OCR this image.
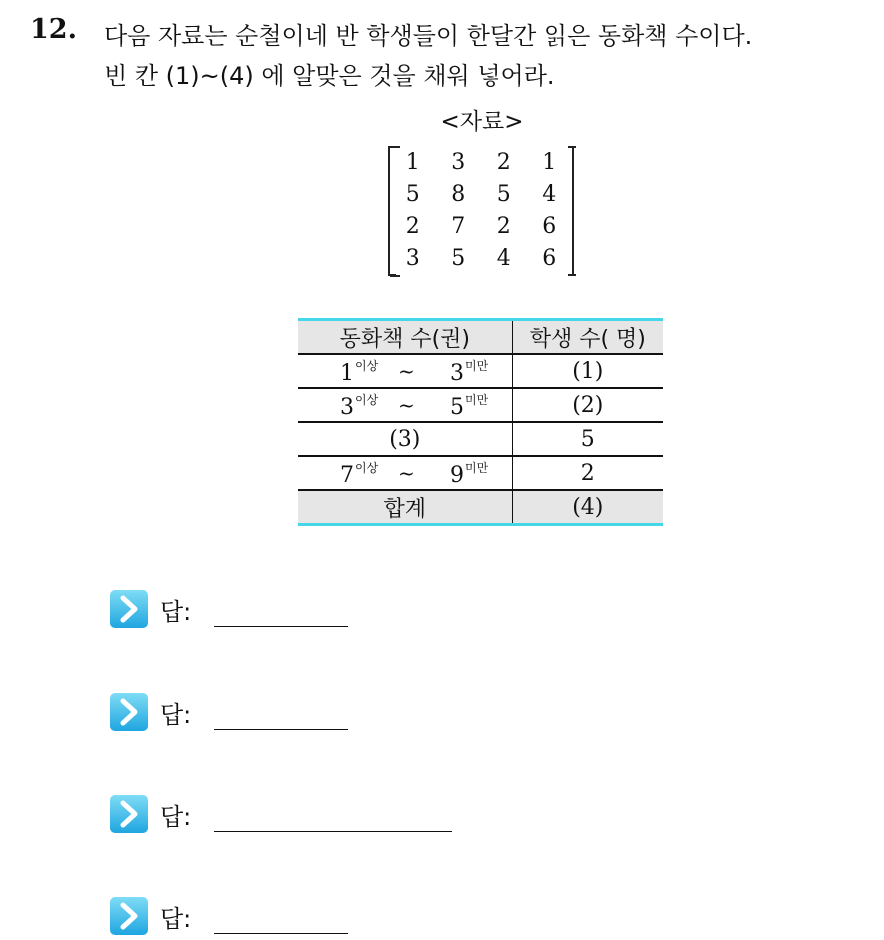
12. 다음 자료는 순철이네 반 학생들이 한달간 읽은 동화책 수이다.
빈 칸 (1)~(4) 에 알맞은 것을 채워 넣어라.
<자료>
1	3	2	1
5	8	5	4
2	7	2	6
3	5	4	6

동화책 수(권)	학생 수( 명)

$1^{이상}$ ~ $3^{미만}$	(1)

$3^{이상}$ ~ $5^{미만}$	(2)
(3)	5

$7^{이상}$ ~ $9^{미만}$	2
합계	(4)
답:
답:
답:
답:
